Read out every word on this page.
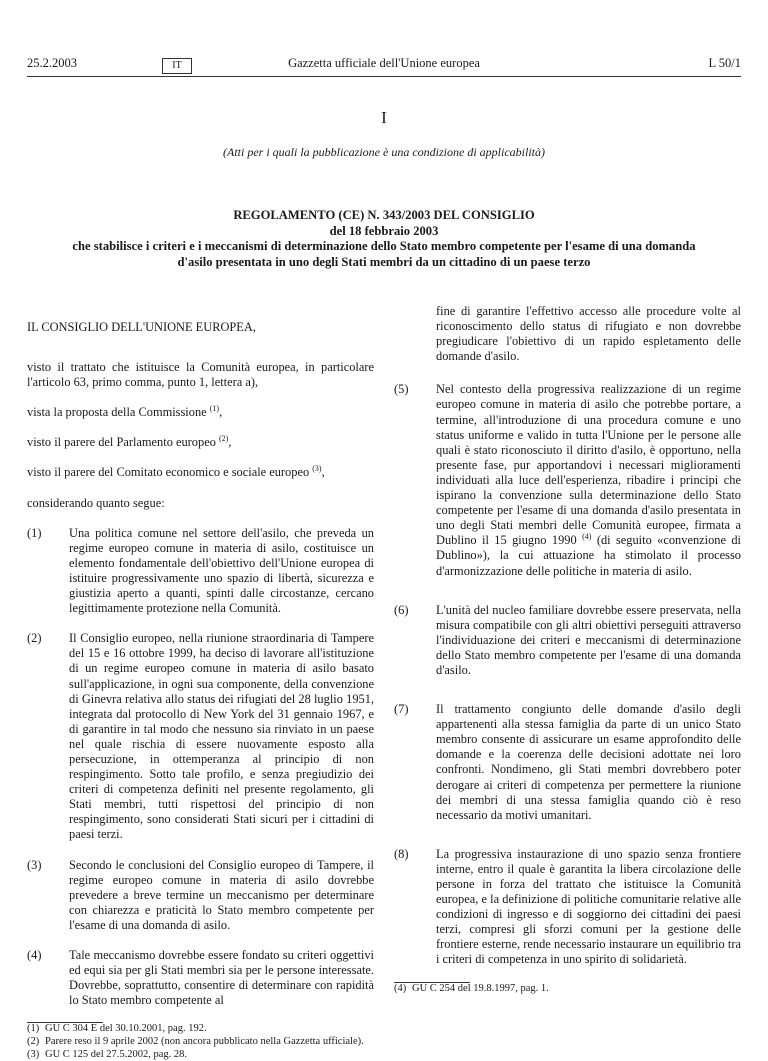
25.2.2003	IT	Gazzetta ufficiale dell'Unione europea	L 50/1
I
(Atti per i quali la pubblicazione è una condizione di applicabilità)
REGOLAMENTO (CE) N. 343/2003 DEL CONSIGLIO
del 18 febbraio 2003
che stabilisce i criteri e i meccanismi di determinazione dello Stato membro competente per l'esame di una domanda d'asilo presentata in uno degli Stati membri da un cittadino di un paese terzo

IL CONSIGLIO DELL'UNIONE EUROPEA,

visto il trattato che istituisce la Comunità europea, in particolare l'articolo 63, primo comma, punto 1, lettera a),

vista la proposta della Commissione $^{(1)}$,

visto il parere del Parlamento europeo $^{(2)}$,

visto il parere del Comitato economico e sociale europeo $^{(3)}$,

considerando quanto segue:

(1)	Una politica comune nel settore dell'asilo, che preveda un regime europeo comune in materia di asilo, costituisce un elemento fondamentale dell'obiettivo dell'Unione europea di istituire progressivamente uno spazio di libertà, sicurezza e giustizia aperto a quanti, spinti dalle circostanze, cercano legittimamente protezione nella Comunità.
(2)	Il Consiglio europeo, nella riunione straordinaria di Tampere del 15 e 16 ottobre 1999, ha deciso di lavorare all'istituzione di un regime europeo comune in materia di asilo basato sull'applicazione, in ogni sua componente, della convenzione di Ginevra relativa allo status dei rifugiati del 28 luglio 1951, integrata dal protocollo di New York del 31 gennaio 1967, e di garantire in tal modo che nessuno sia rinviato in un paese nel quale rischia di essere nuovamente esposto alla persecuzione, in ottemperanza al principio di non respingimento. Sotto tale profilo, e senza pregiudizio dei criteri di competenza definiti nel presente regolamento, gli Stati membri, tutti rispettosi del principio di non respingimento, sono considerati Stati sicuri per i cittadini di paesi terzi.
(3)	Secondo le conclusioni del Consiglio europeo di Tampere, il regime europeo comune in materia di asilo dovrebbe prevedere a breve termine un meccanismo per determinare con chiarezza e praticità lo Stato membro competente per l'esame di una domanda di asilo.
(4)	Tale meccanismo dovrebbe essere fondato su criteri oggettivi ed equi sia per gli Stati membri sia per le persone interessate. Dovrebbe, soprattutto, consentire di determinare con rapidità lo Stato membro competente al
(1) GU C 304 E del 30.10.2001, pag. 192.
(2) Parere reso il 9 aprile 2002 (non ancora pubblicato nella Gazzetta ufficiale).
(3) GU C 125 del 27.5.2002, pag. 28.

fine di garantire l'effettivo accesso alle procedure volte al riconoscimento dello status di rifugiato e non dovrebbe pregiudicare l'obiettivo di un rapido espletamento delle domande d'asilo.

(5)	Nel contesto della progressiva realizzazione di un regime europeo comune in materia di asilo che potrebbe portare, a termine, all'introduzione di una procedura comune e uno status uniforme e valido in tutta l'Unione per le persone alle quali è stato riconosciuto il diritto d'asilo, è opportuno, nella presente fase, pur apportandovi i necessari miglioramenti individuati alla luce dell'esperienza, ribadire i principi che ispirano la convenzione sulla determinazione dello Stato competente per l'esame di una domanda d'asilo presentata in uno degli Stati membri delle Comunità europee, firmata a Dublino il 15 giugno 1990 $^{(4)}$ (di seguito «convenzione di Dublino»), la cui attuazione ha stimolato il processo d'armonizzazione delle politiche in materia di asilo.
(6)	L'unità del nucleo familiare dovrebbe essere preservata, nella misura compatibile con gli altri obiettivi perseguiti attraverso l'individuazione dei criteri e meccanismi di determinazione dello Stato membro competente per l'esame di una domanda d'asilo.
(7)	Il trattamento congiunto delle domande d'asilo degli appartenenti alla stessa famiglia da parte di un unico Stato membro consente di assicurare un esame approfondito delle domande e la coerenza delle decisioni adottate nei loro confronti. Nondimeno, gli Stati membri dovrebbero poter derogare ai criteri di competenza per permettere la riunione dei membri di una stessa famiglia quando ciò è reso necessario da motivi umanitari.
(8)	La progressiva instaurazione di uno spazio senza frontiere interne, entro il quale è garantita la libera circolazione delle persone in forza del trattato che istituisce la Comunità europea, e la definizione di politiche comunitarie relative alle condizioni di ingresso e di soggiorno dei cittadini dei paesi terzi, compresi gli sforzi comuni per la gestione delle frontiere esterne, rende necessario instaurare un equilibrio tra i criteri di competenza in uno spirito di solidarietà.
(4) GU C 254 del 19.8.1997, pag. 1.
